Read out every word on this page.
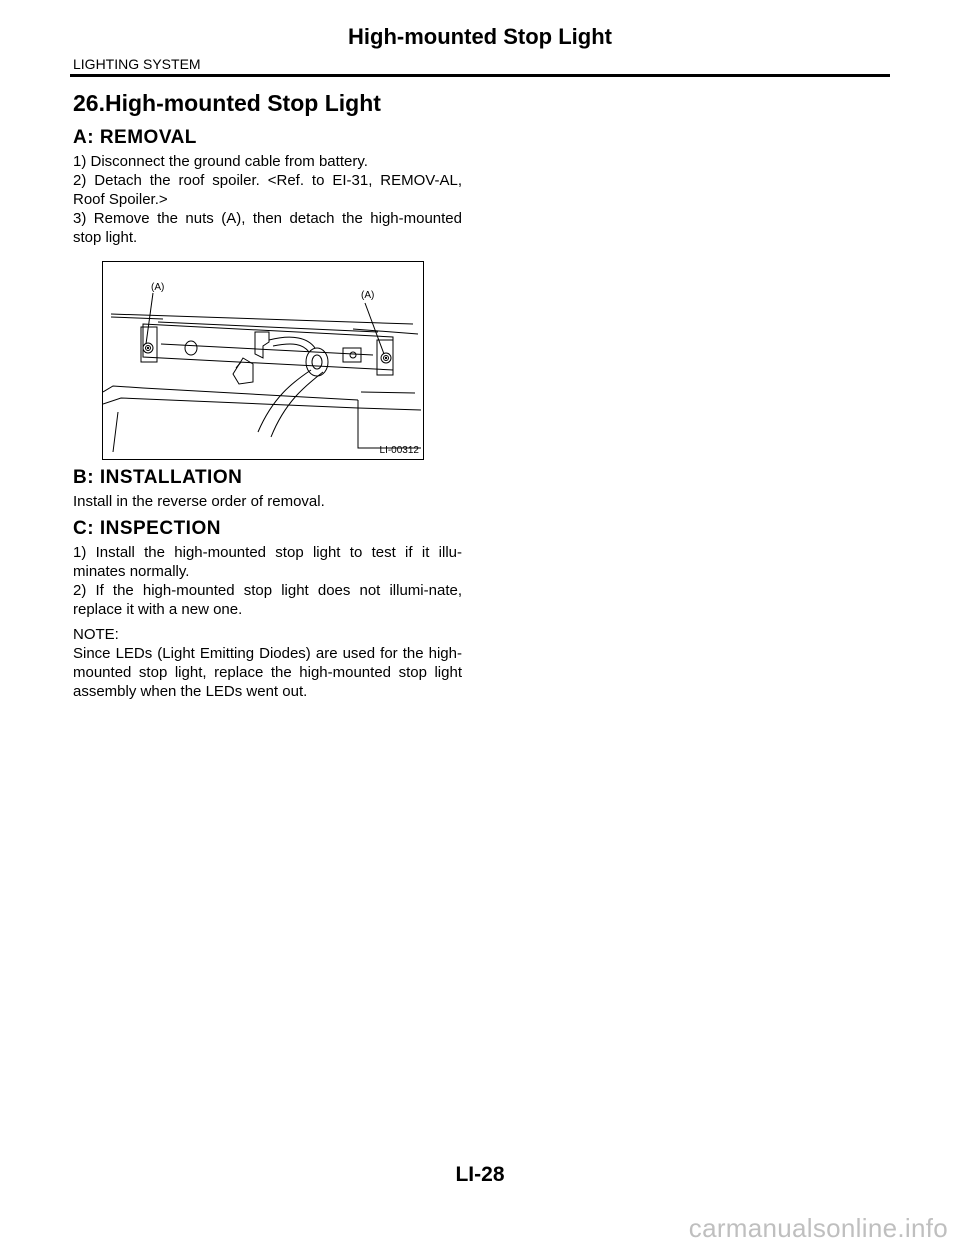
High-mounted Stop Light
LIGHTING SYSTEM
26.High-mounted Stop Light
A: REMOVAL

1) Disconnect the ground cable from battery.

2) Detach the roof spoiler. <Ref. to EI-31, REMOV-AL, Roof Spoiler.>

3) Remove the nuts (A), then detach the high-mounted stop light.

(A)
(A)
LI-00312
B: INSTALLATION

Install in the reverse order of removal.

C: INSPECTION

1) Install the high-mounted stop light to test if it illu-minates normally.

2) If the high-mounted stop light does not illumi-nate, replace it with a new one.

NOTE:

Since LEDs (Light Emitting Diodes) are used for the high-mounted stop light, replace the high-mounted stop light assembly when the LEDs went out.

LI-28
carmanualsonline.info
